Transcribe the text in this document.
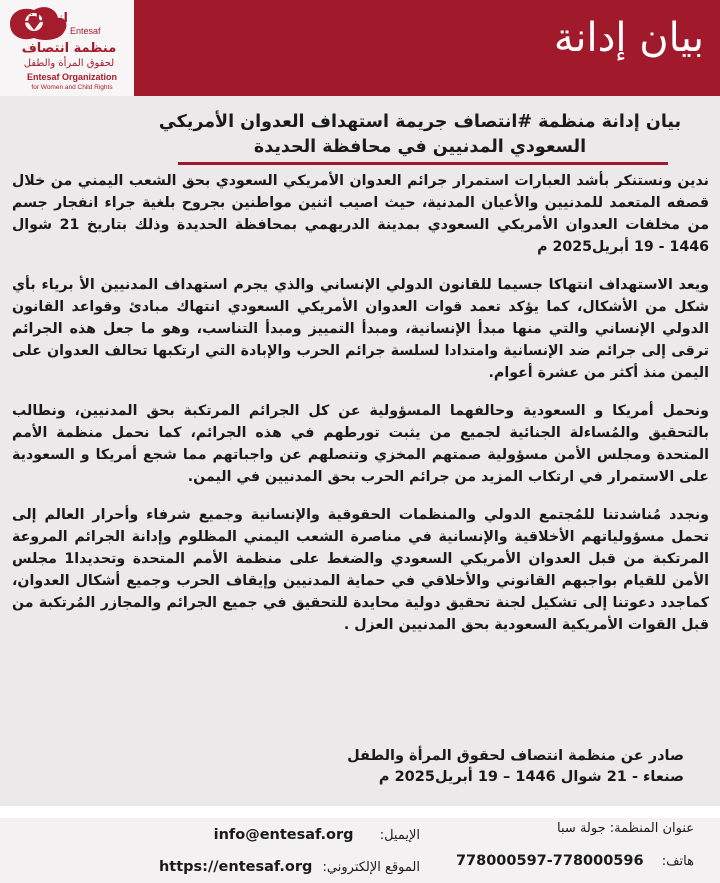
انتصاف
Entesaf
منظمة انتصاف
لحقوق المرأة والطفل
Entesaf Organization
for Women and Child Rights
بيان إدانة
بيان إدانة منظمة #انتصاف جريمة استهداف العدوان الأمريكي
السعودي المدنيين في محافظة الحديدة

ندين ونستنكر بأشد العبارات استمرار جرائم العدوان الأمريكي السعودي بحق الشعب اليمني من خلال قصفه المتعمد للمدنيين والأعيان المدنية، حيث اصيب اثنين مواطنين بجروح بلغية جراء انفجار جسم من مخلفات العدوان الأمريكي السعودي بمدينة الدريهمي بمحافظة الحديدة وذلك بتاريخ 21 شوال 1446 - 19 أبريل2025 م

ويعد الاستهداف انتهاكا جسيما للقانون الدولي الإنساني والذي يجرم استهداف المدنيين الأ برياء بأي شكل من الأشكال، كما يؤكد تعمد قوات العدوان الأمريكي السعودي انتهاك مبادئ وقواعد القانون الدولي الإنساني والتي منها مبدأ الإنسانية، ومبدأ التمييز ومبدأ التناسب، وهو ما جعل هذه الجرائم ترقى إلى جرائم ضد الإنسانية وامتدادا لسلسة جرائم الحرب والإبادة التي ارتكبها تحالف العدوان على اليمن منذ أكثر من عشرة أعوام.

ونحمل أمريكا و السعودية وحالفهما المسؤولية عن كل الجرائم المرتكبة بحق المدنيين، ونطالب بالتحقيق والمُساءلة الجنائية لجميع من يثبت تورطهم في هذه الجرائم، كما نحمل منظمة الأمم المتحدة ومجلس الأمن مسؤولية صمتهم المخزي وتنصلهم عن واجباتهم مما شجع أمريكا و السعودية على الاستمرار في ارتكاب المزيد من جرائم الحرب بحق المدنيين في اليمن.

ونجدد مُناشدتنا للمُجتمع الدولي والمنظمات الحقوقية والإنسانية وجميع شرفاء وأحرار العالم إلى تحمل مسؤولياتهم الأخلاقية والإنسانية في مناصرة الشعب اليمني المظلوم وإدانة الجرائم المروعة المرتكبة من قبل العدوان الأمريكي السعودي والضغط على منظمة الأمم المتحدة وتحديدا1 مجلس الأمن للقيام بواجبهم القانوني والأخلاقي في حماية المدنيين وإيقاف الحرب وجميع أشكال العدوان، كماجدد دعوتنا إلى تشكيل لجنة تحقيق دولية محايدة للتحقيق في جميع الجرائم والمجازر المُرتكبة من قبل القوات الأمريكية السعودية بحق المدنيين العزل .

صادر عن منظمة انتصاف لحقوق المرأة والطفل
صنعاء - 21 شوال 1446 – 19 أبريل2025 م
عنوان المنظمة: جولة سبا
هاتف: 778000597-778000596
الإيميل: info@entesaf.org
الموقع الإلكتروني: https://entesaf.org
